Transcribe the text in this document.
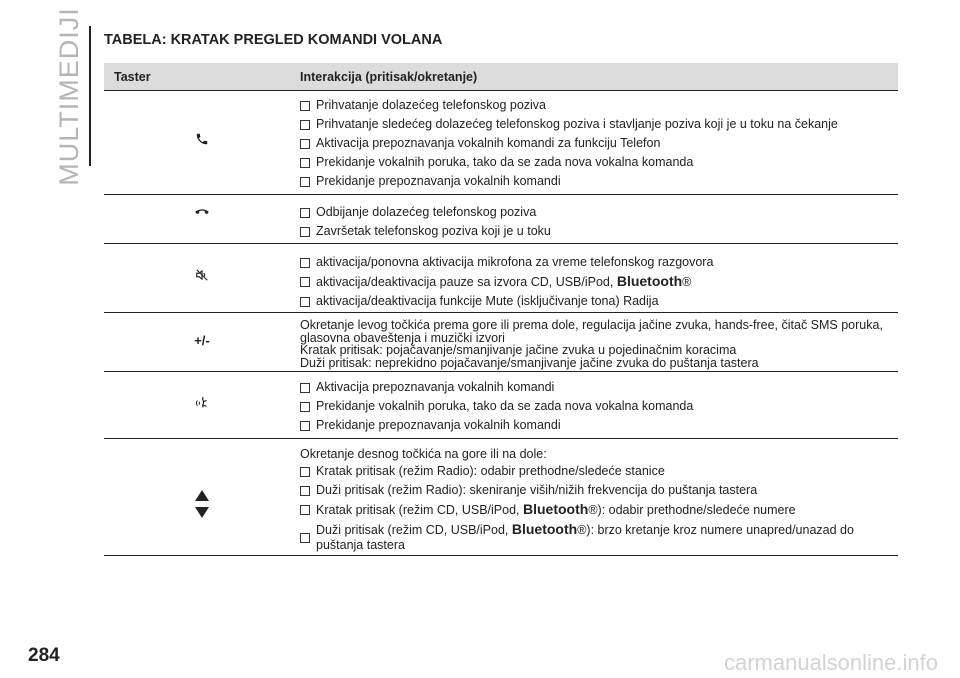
MULTIMEDIJI TABELA: KRATAK PREGLED KOMANDI VOLANA
Taster	Interakcija (pritisak/okretanje)
Prihvatanje dolazećeg telefonskog poziva
Prihvatanje sledećeg dolazećeg telefonskog poziva i stavljanje poziva koji je u toku na čekanje
Aktivacija prepoznavanja vokalnih komandi za funkciju Telefon
Prekidanje vokalnih poruka, tako da se zada nova vokalna komanda
Prekidanje prepoznavanja vokalnih komandi
Odbijanje dolazećeg telefonskog poziva
Završetak telefonskog poziva koji je u toku
aktivacija/ponovna aktivacija mikrofona za vreme telefonskog razgovora
aktivacija/deaktivacija pauze sa izvora CD, USB/iPod, Bluetooth®
aktivacija/deaktivacija funkcije Mute (isključivanje tona) Radija
+/-
Okretanje levog točkića prema gore ili prema dole, regulacija jačine zvuka, hands-free, čitač SMS poruka, glasovna obaveštenja i muzički izvori
Kratak pritisak: pojačavanje/smanjivanje jačine zvuka u pojedinačnim koracima
Duži pritisak: neprekidno pojačavanje/smanjivanje jačine zvuka do puštanja tastera
Aktivacija prepoznavanja vokalnih komandi
Prekidanje vokalnih poruka, tako da se zada nova vokalna komanda
Prekidanje prepoznavanja vokalnih komandi
Okretanje desnog točkića na gore ili na dole:
Kratak pritisak (režim Radio): odabir prethodne/sledeće stanice
Duži pritisak (režim Radio): skeniranje viših/nižih frekvencija do puštanja tastera
Kratak pritisak (režim CD, USB/iPod, Bluetooth®): odabir prethodne/sledeće numere
Duži pritisak (režim CD, USB/iPod, Bluetooth®): brzo kretanje kroz numere unapred/unazad do puštanja tastera
284	carmanualsonline.info
